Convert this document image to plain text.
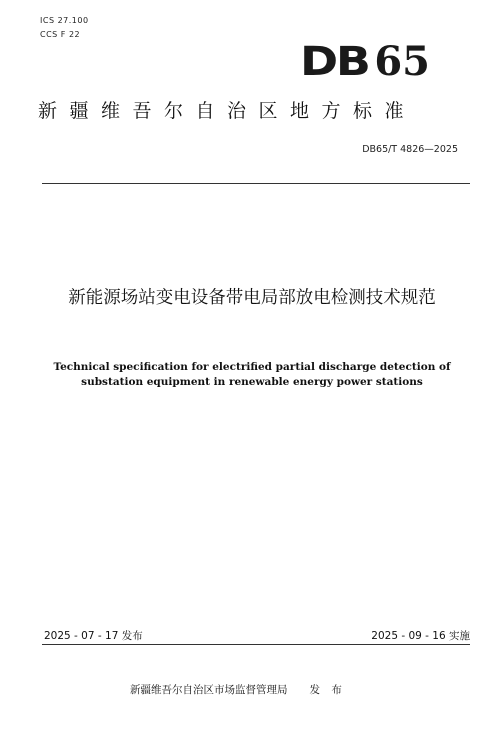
ICS 27.100
CCS F 22
DB 65
新疆维吾尔自治区地方标准
DB65/T 4826—2025
新能源场站变电设备带电局部放电检测技术规范
Technical specification for electrified partial discharge detection of substation equipment in renewable energy power stations
2025 - 07 - 17 发布	2025 - 09 - 16 实施
新疆维吾尔自治区市场监督管理局 发 布
